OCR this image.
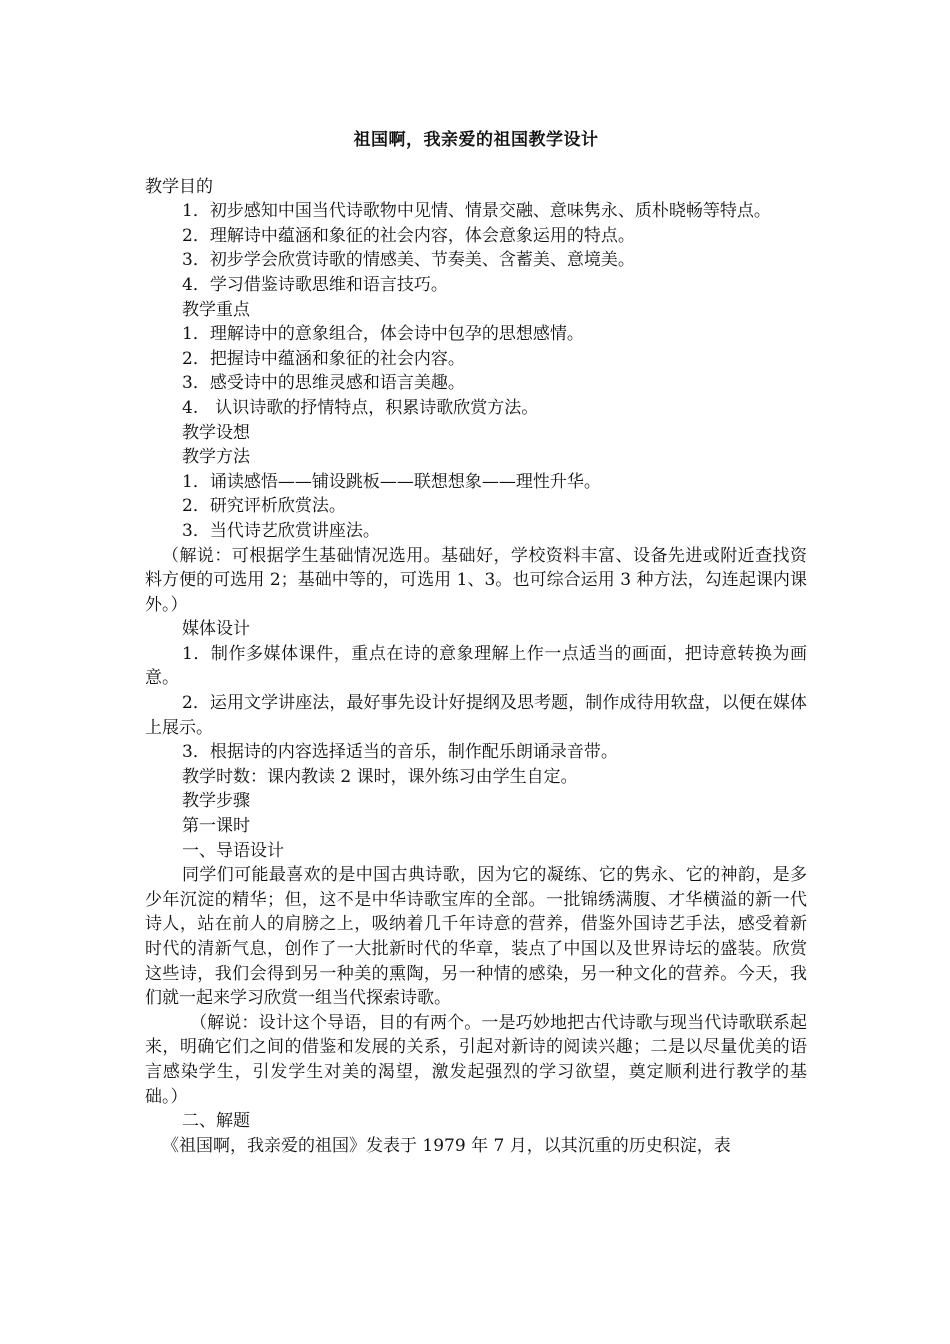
祖国啊，我亲爱的祖国教学设计

教学目的

1．初步感知中国当代诗歌物中见情、情景交融、意味隽永、质朴晓畅等特点。

2．理解诗中蕴涵和象征的社会内容，体会意象运用的特点。

3．初步学会欣赏诗歌的情感美、节奏美、含蓄美、意境美。

4．学习借鉴诗歌思维和语言技巧。

教学重点

1．理解诗中的意象组合，体会诗中包孕的思想感情。

2．把握诗中蕴涵和象征的社会内容。

3．感受诗中的思维灵感和语言美趣。

4.　认识诗歌的抒情特点，积累诗歌欣赏方法。

教学设想

教学方法

1．诵读感悟——铺设跳板——联想想象——理性升华。

2．研究评析欣赏法。

3．当代诗艺欣赏讲座法。

（解说：可根据学生基础情况选用。基础好，学校资料丰富、设备先进或附近查找资料方便的可选用 2；基础中等的，可选用 1、3。也可综合运用 3 种方法，勾连起课内课外。）

媒体设计

1．制作多媒体课件，重点在诗的意象理解上作一点适当的画面，把诗意转换为画意。

2．运用文学讲座法，最好事先设计好提纲及思考题，制作成待用软盘，以便在媒体上展示。

3．根据诗的内容选择适当的音乐，制作配乐朗诵录音带。

教学时数：课内教读 2 课时，课外练习由学生自定。

教学步骤

第一课时

一、导语设计

同学们可能最喜欢的是中国古典诗歌，因为它的凝练、它的隽永、它的神韵，是多少年沉淀的精华；但，这不是中华诗歌宝库的全部。一批锦绣满腹、才华横溢的新一代诗人，站在前人的肩膀之上，吸纳着几千年诗意的营养，借鉴外国诗艺手法，感受着新时代的清新气息，创作了一大批新时代的华章，装点了中国以及世界诗坛的盛装。欣赏这些诗，我们会得到另一种美的熏陶，另一种情的感染，另一种文化的营养。今天，我们就一起来学习欣赏一组当代探索诗歌。

（解说：设计这个导语，目的有两个。一是巧妙地把古代诗歌与现当代诗歌联系起来，明确它们之间的借鉴和发展的关系，引起对新诗的阅读兴趣；二是以尽量优美的语言感染学生，引发学生对美的渴望，激发起强烈的学习欲望，奠定顺利进行教学的基础。）

二、解题

《祖国啊，我亲爱的祖国》发表于 1979 年 7 月，以其沉重的历史积淀，表
